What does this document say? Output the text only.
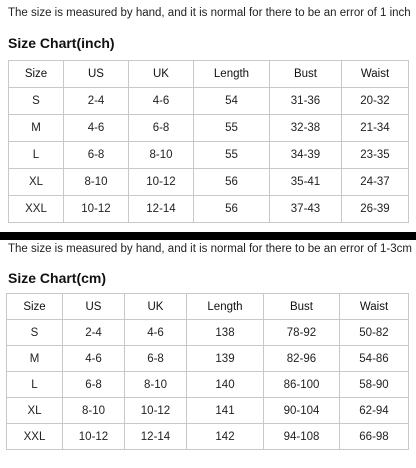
The size is measured by hand, and it is normal for there to be an error of 1 inch
Size Chart(inch)
Size	US	UK	Length	Bust	Waist
S	2-4	4-6	54	31-36	20-32
M	4-6	6-8	55	32-38	21-34
L	6-8	8-10	55	34-39	23-35
XL	8-10	10-12	56	35-41	24-37
XXL	10-12	12-14	56	37-43	26-39
The size is measured by hand, and it is normal for there to be an error of 1-3cm
Size Chart(cm)
Size	US	UK	Length	Bust	Waist
S	2-4	4-6	138	78-92	50-82
M	4-6	6-8	139	82-96	54-86
L	6-8	8-10	140	86-100	58-90
XL	8-10	10-12	141	90-104	62-94
XXL	10-12	12-14	142	94-108	66-98
